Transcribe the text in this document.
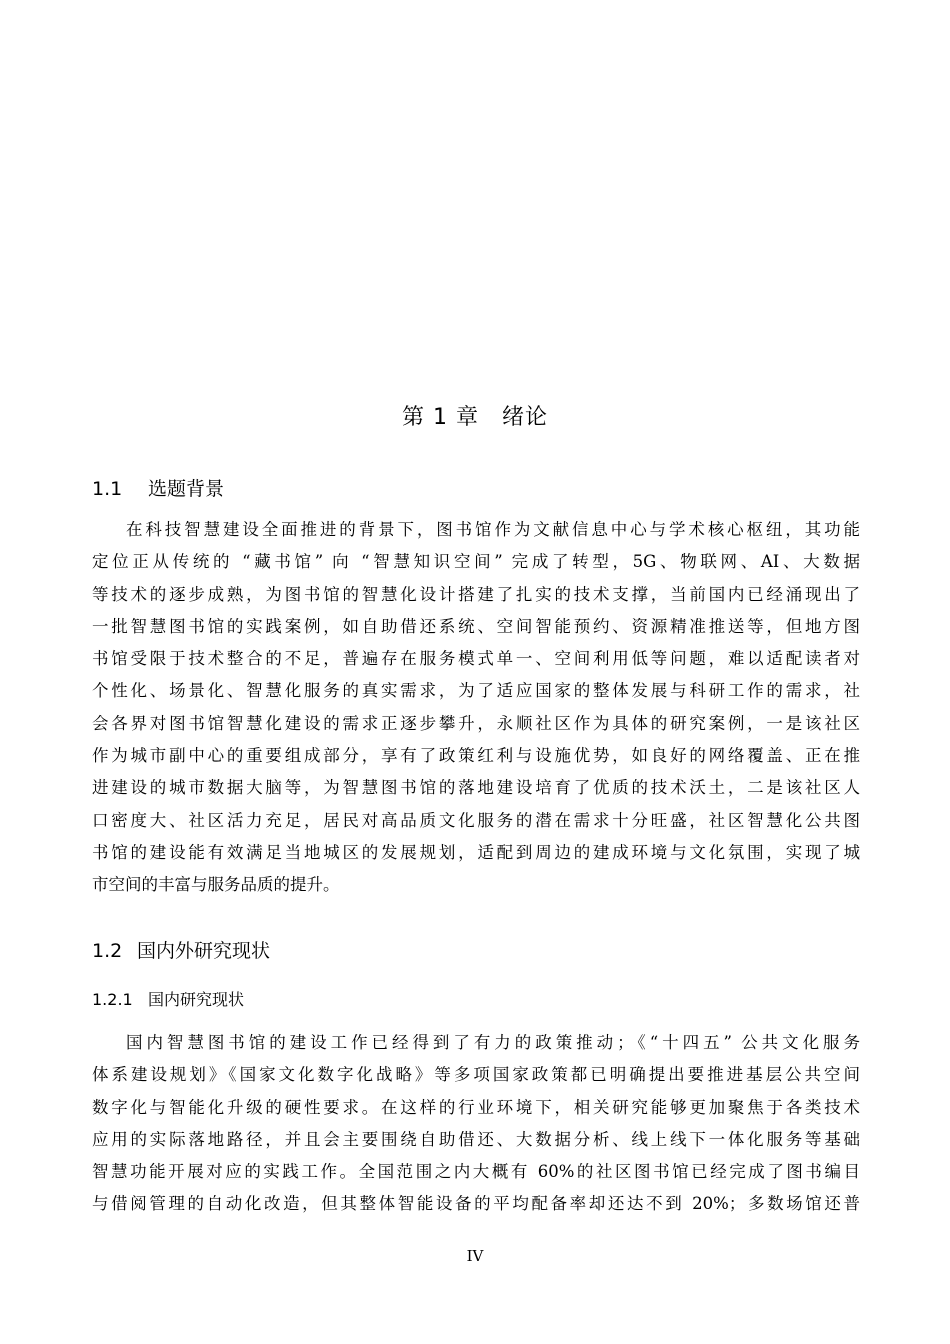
第 1 章　绪论
1.1 选题背景
在科技智慧建设全面推进的背景下，图书馆作为文献信息中心与学术核心枢纽，其功能
定位正从传统的 “藏书馆” 向 “智慧知识空间” 完成了转型，5G、物联网、AI、大数据
等技术的逐步成熟，为图书馆的智慧化设计搭建了扎实的技术支撑，当前国内已经涌现出了
一批智慧图书馆的实践案例，如自助借还系统、空间智能预约、资源精准推送等，但地方图
书馆受限于技术整合的不足，普遍存在服务模式单一、空间利用低等问题，难以适配读者对
个性化、场景化、智慧化服务的真实需求，为了适应国家的整体发展与科研工作的需求，社
会各界对图书馆智慧化建设的需求正逐步攀升，永顺社区作为具体的研究案例，一是该社区
作为城市副中心的重要组成部分，享有了政策红利与设施优势，如良好的网络覆盖、正在推
进建设的城市数据大脑等，为智慧图书馆的落地建设培育了优质的技术沃土，二是该社区人
口密度大、社区活力充足，居民对高品质文化服务的潜在需求十分旺盛，社区智慧化公共图
书馆的建设能有效满足当地城区的发展规划，适配到周边的建成环境与文化氛围，实现了城
市空间的丰富与服务品质的提升。
1.2 国内外研究现状
1.2.1 国内研究现状
国内智慧图书馆的建设工作已经得到了有力的政策推动；《“十四五” 公共文化服务
体系建设规划》《国家文化数字化战略》等多项国家政策都已明确提出要推进基层公共空间
数字化与智能化升级的硬性要求。在这样的行业环境下，相关研究能够更加聚焦于各类技术
应用的实际落地路径，并且会主要围绕自助借还、大数据分析、线上线下一体化服务等基础
智慧功能开展对应的实践工作。全国范围之内大概有 60%的社区图书馆已经完成了图书编目
与借阅管理的自动化改造，但其整体智能设备的平均配备率却还达不到 20%；多数场馆还普
IV
